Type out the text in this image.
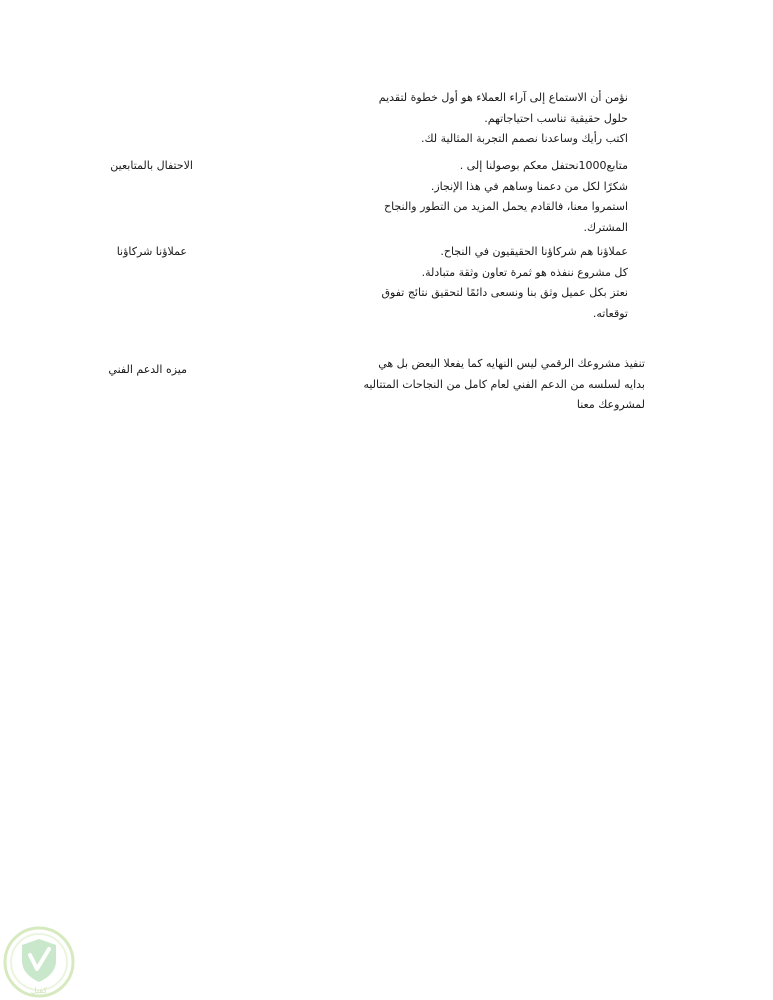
نؤمن أن الاستماع إلى آراء العملاء هو أول خطوة لتقديم
حلول حقيقية تناسب احتياجاتهم.
اكتب رأيك وساعدنا نصمم التجربة المثالية لك.
الاحتفال بالمتابعين	متابع1000نحتفل معكم بوصولنا إلى .
شكرًا لكل من دعمنا وساهم في هذا الإنجاز.
استمروا معنا، فالقادم يحمل المزيد من التطور والنجاح
المشترك.
عملاؤنا شركاؤنا	عملاؤنا هم شركاؤنا الحقيقيون في النجاح.
كل مشروع ننفذه هو ثمرة تعاون وثقة متبادلة.
نعتز بكل عميل وثق بنا ونسعى دائمًا لتحقيق نتائج تفوق
توقعاته.
ميزه الدعم الفني	تنفيذ مشروعك الرقمي ليس النهايه كما يفعلا البعض بل هي
بدايه لسلسه من الدعم الفني لعام كامل من النجاحات المتتاليه
لمشروعك معنا
كفيل
